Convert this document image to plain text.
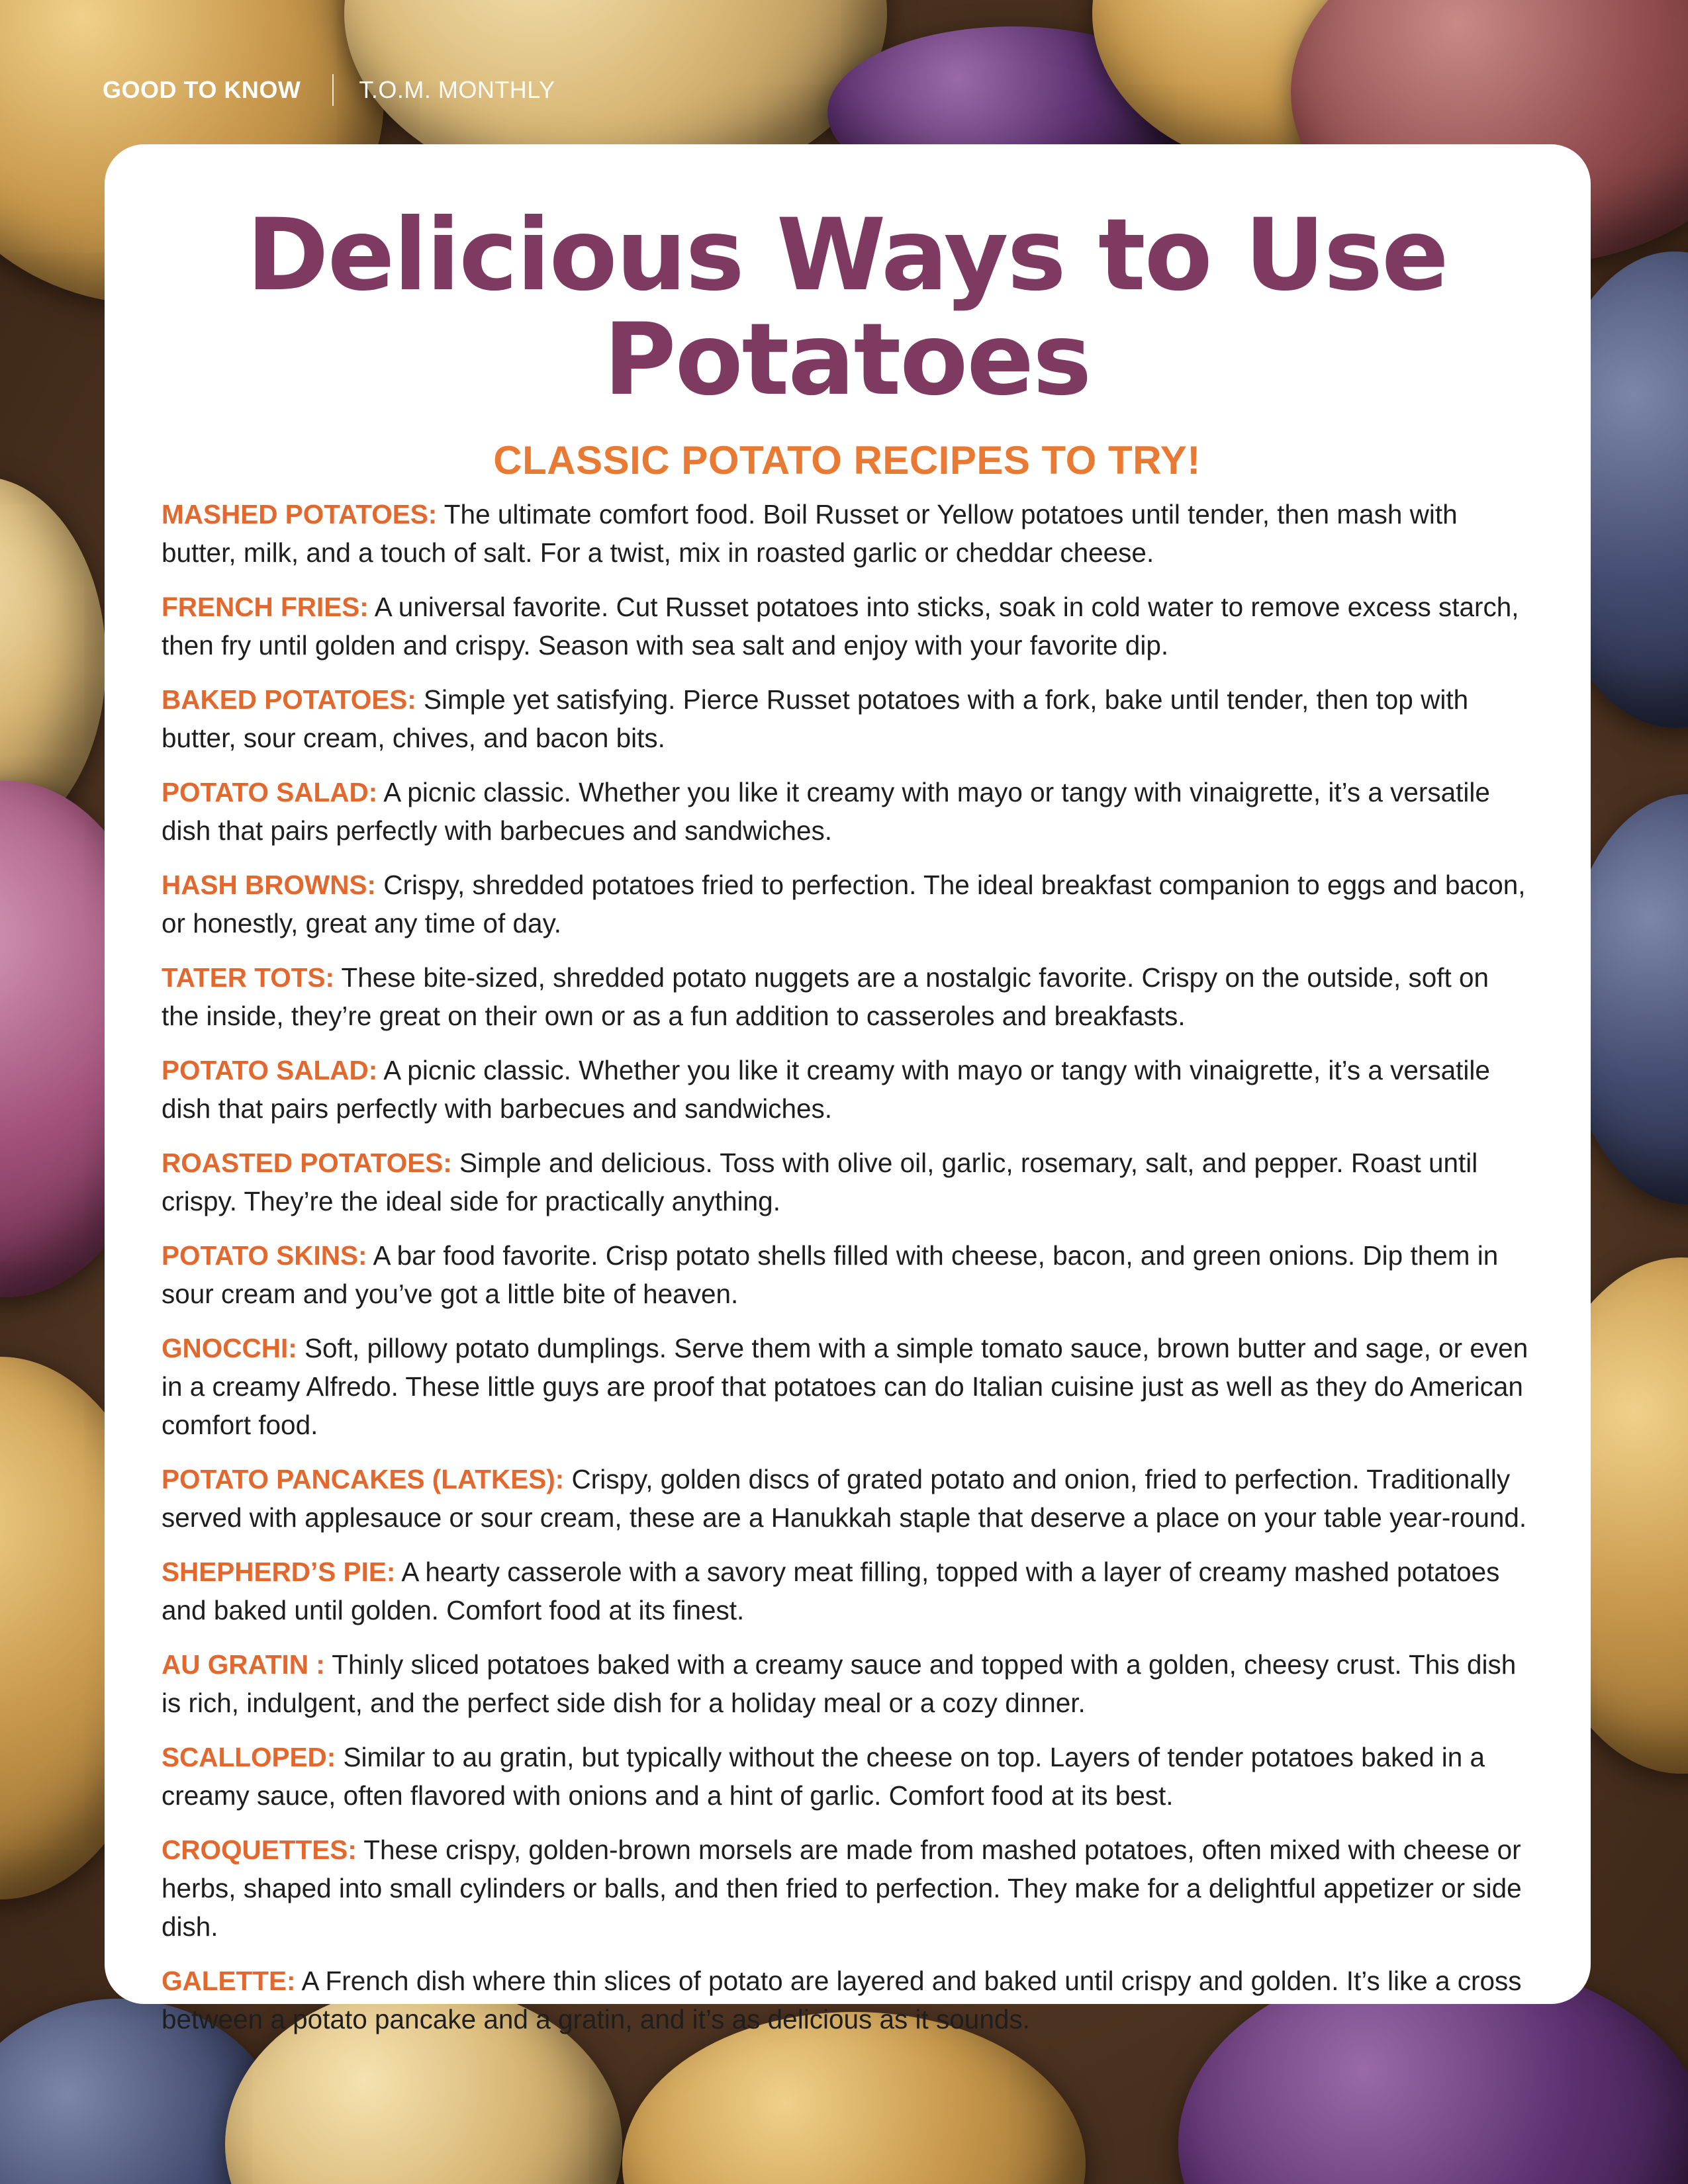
GOOD TO KNOW T.O.M. MONTHLY
Delicious Ways to Use Potatoes
CLASSIC POTATO RECIPES TO TRY!
MASHED POTATOES: The ultimate comfort food. Boil Russet or Yellow potatoes until tender, then mash with butter, milk, and a touch of salt. For a twist, mix in roasted garlic or cheddar cheese.
FRENCH FRIES: A universal favorite. Cut Russet potatoes into sticks, soak in cold water to remove excess starch, then fry until golden and crispy. Season with sea salt and enjoy with your favorite dip.
BAKED POTATOES: Simple yet satisfying. Pierce Russet potatoes with a fork, bake until tender, then top with butter, sour cream, chives, and bacon bits.
POTATO SALAD: A picnic classic. Whether you like it creamy with mayo or tangy with vinaigrette, it’s a versatile dish that pairs perfectly with barbecues and sandwiches.
HASH BROWNS: Crispy, shredded potatoes fried to perfection. The ideal breakfast companion to eggs and bacon, or honestly, great any time of day.
TATER TOTS: These bite-sized, shredded potato nuggets are a nostalgic favorite. Crispy on the outside, soft on the inside, they’re great on their own or as a fun addition to casseroles and breakfasts.
POTATO SALAD: A picnic classic. Whether you like it creamy with mayo or tangy with vinaigrette, it’s a versatile dish that pairs perfectly with barbecues and sandwiches.
ROASTED POTATOES: Simple and delicious. Toss with olive oil, garlic, rosemary, salt, and pepper. Roast until crispy. They’re the ideal side for practically anything.
POTATO SKINS: A bar food favorite. Crisp potato shells filled with cheese, bacon, and green onions. Dip them in sour cream and you’ve got a little bite of heaven.
GNOCCHI: Soft, pillowy potato dumplings. Serve them with a simple tomato sauce, brown butter and sage, or even in a creamy Alfredo. These little guys are proof that potatoes can do Italian cuisine just as well as they do American comfort food.
POTATO PANCAKES (LATKES): Crispy, golden discs of grated potato and onion, fried to perfection. Traditionally served with applesauce or sour cream, these are a Hanukkah staple that deserve a place on your table year-round.
SHEPHERD’S PIE: A hearty casserole with a savory meat filling, topped with a layer of creamy mashed potatoes and baked until golden. Comfort food at its finest.
AU GRATIN : Thinly sliced potatoes baked with a creamy sauce and topped with a golden, cheesy crust. This dish is rich, indulgent, and the perfect side dish for a holiday meal or a cozy dinner.
SCALLOPED: Similar to au gratin, but typically without the cheese on top. Layers of tender potatoes baked in a creamy sauce, often flavored with onions and a hint of garlic. Comfort food at its best.
CROQUETTES: These crispy, golden-brown morsels are made from mashed potatoes, often mixed with cheese or herbs, shaped into small cylinders or balls, and then fried to perfection. They make for a delightful appetizer or side dish.
GALETTE: A French dish where thin slices of potato are layered and baked until crispy and golden. It’s like a cross between a potato pancake and a gratin, and it’s as delicious as it sounds.
